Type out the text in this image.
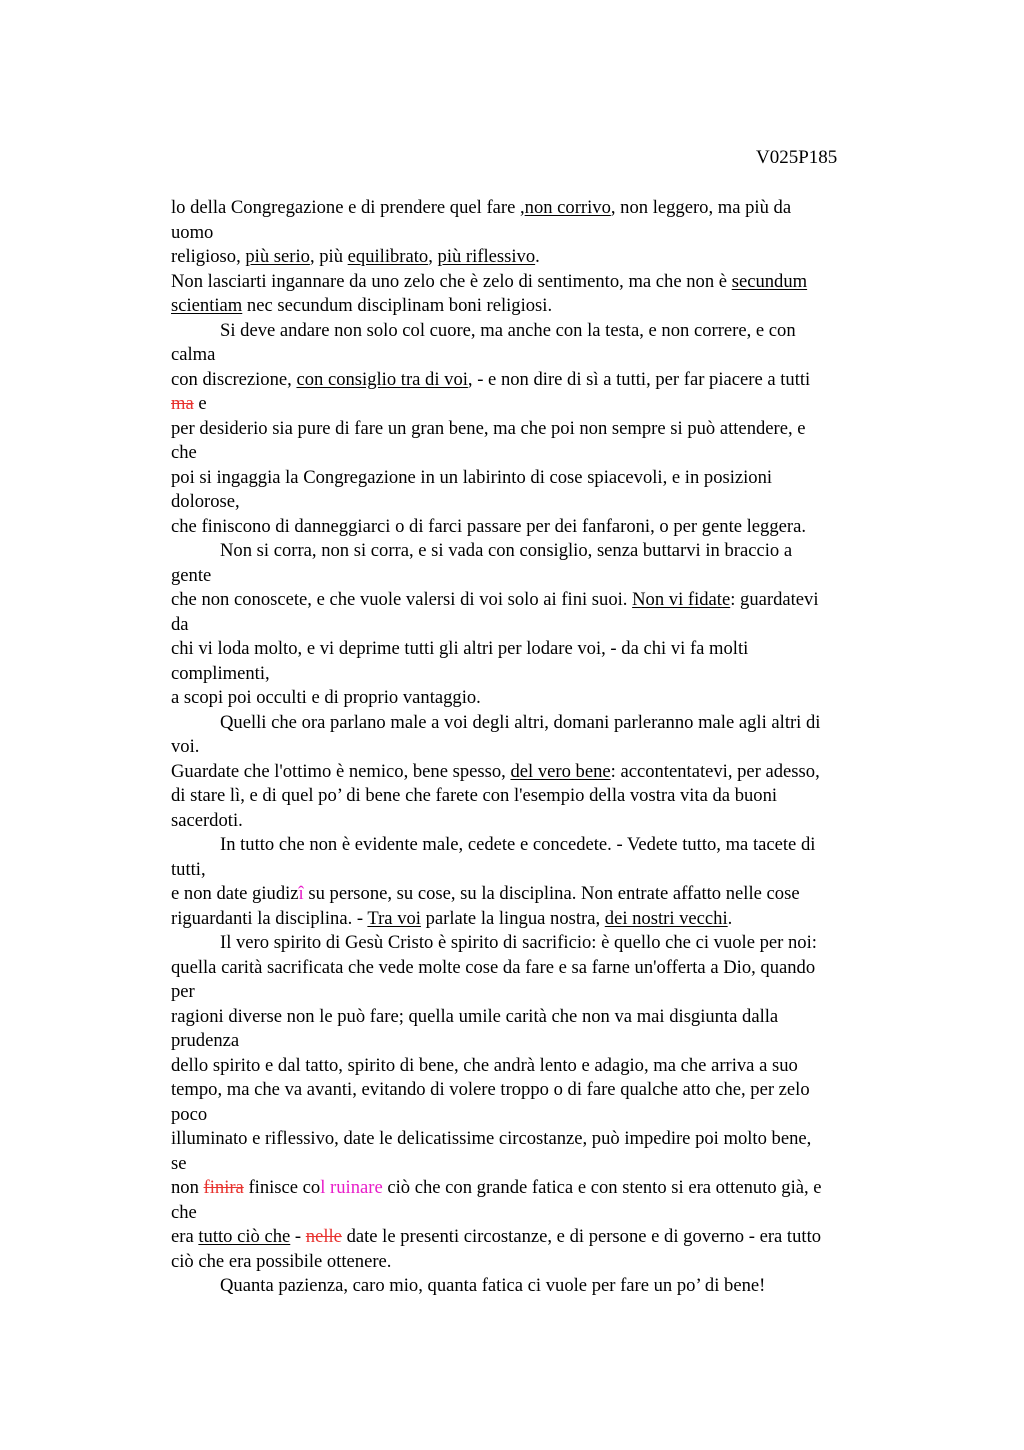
V025P185
lo della Congregazione e di prendere quel fare ,non corrivo, non leggero, ma più da
uomo
religioso, più serio, più equilibrato, più riflessivo.
Non lasciarti ingannare da uno zelo che è zelo di sentimento, ma che non è secundum
scientiam nec secundum disciplinam boni religiosi.
Si deve andare non solo col cuore, ma anche con la testa, e non correre, e con
calma
con discrezione, con consiglio tra di voi, - e non dire di sì a tutti, per far piacere a tutti
ma e
per desiderio sia pure di fare un gran bene, ma che poi non sempre si può attendere, e
che
poi si ingaggia la Congregazione in un labirinto di cose spiacevoli, e in posizioni
dolorose,
che finiscono di danneggiarci o di farci passare per dei fanfaroni, o per gente leggera.
Non si corra, non si corra, e si vada con consiglio, senza buttarvi in braccio a
gente
che non conoscete, e che vuole valersi di voi solo ai fini suoi. Non vi fidate: guardatevi
da
chi vi loda molto, e vi deprime tutti gli altri per lodare voi, - da chi vi fa molti
complimenti,
a scopi poi occulti e di proprio vantaggio.
Quelli che ora parlano male a voi degli altri, domani parleranno male agli altri di
voi.
Guardate che l'ottimo è nemico, bene spesso, del vero bene: accontentatevi, per adesso,
di stare lì, e di quel po’ di bene che farete con l'esempio della vostra vita da buoni
sacerdoti.
In tutto che non è evidente male, cedete e concedete. - Vedete tutto, ma tacete di
tutti,
e non date giudizî su persone, su cose, su la disciplina. Non entrate affatto nelle cose
riguardanti la disciplina. - Tra voi parlate la lingua nostra, dei nostri vecchi.
Il vero spirito di Gesù Cristo è spirito di sacrificio: è quello che ci vuole per noi:
quella carità sacrificata che vede molte cose da fare e sa farne un'offerta a Dio, quando
per
ragioni diverse non le può fare; quella umile carità che non va mai disgiunta dalla
prudenza
dello spirito e dal tatto, spirito di bene, che andrà lento e adagio, ma che arriva a suo
tempo, ma che va avanti, evitando di volere troppo o di fare qualche atto che, per zelo
poco
illuminato e riflessivo, date le delicatissime circostanze, può impedire poi molto bene,
se
non finira finisce col ruinare ciò che con grande fatica e con stento si era ottenuto già, e
che
era tutto ciò che - nelle date le presenti circostanze, e di persone e di governo - era tutto
ciò che era possibile ottenere.
Quanta pazienza, caro mio, quanta fatica ci vuole per fare un po’ di bene!
